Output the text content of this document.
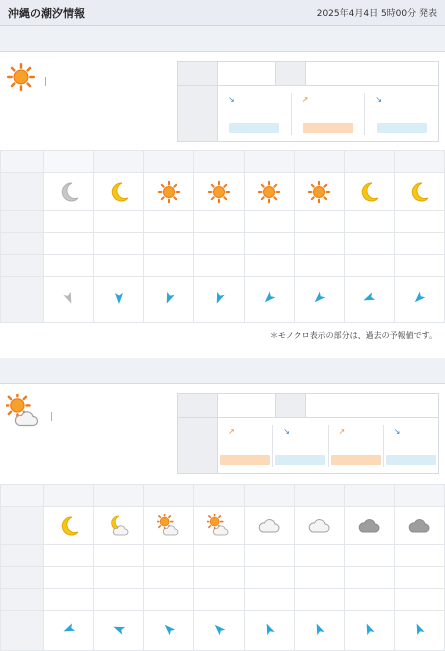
沖縄の潮汐情報	2025年4月4日 5時00分 発表
|

	↘ ↗ ↘		

＊モノクロ表示の部分は、過去の予報値です。
|

	↗ ↘ ↗ ↘		
